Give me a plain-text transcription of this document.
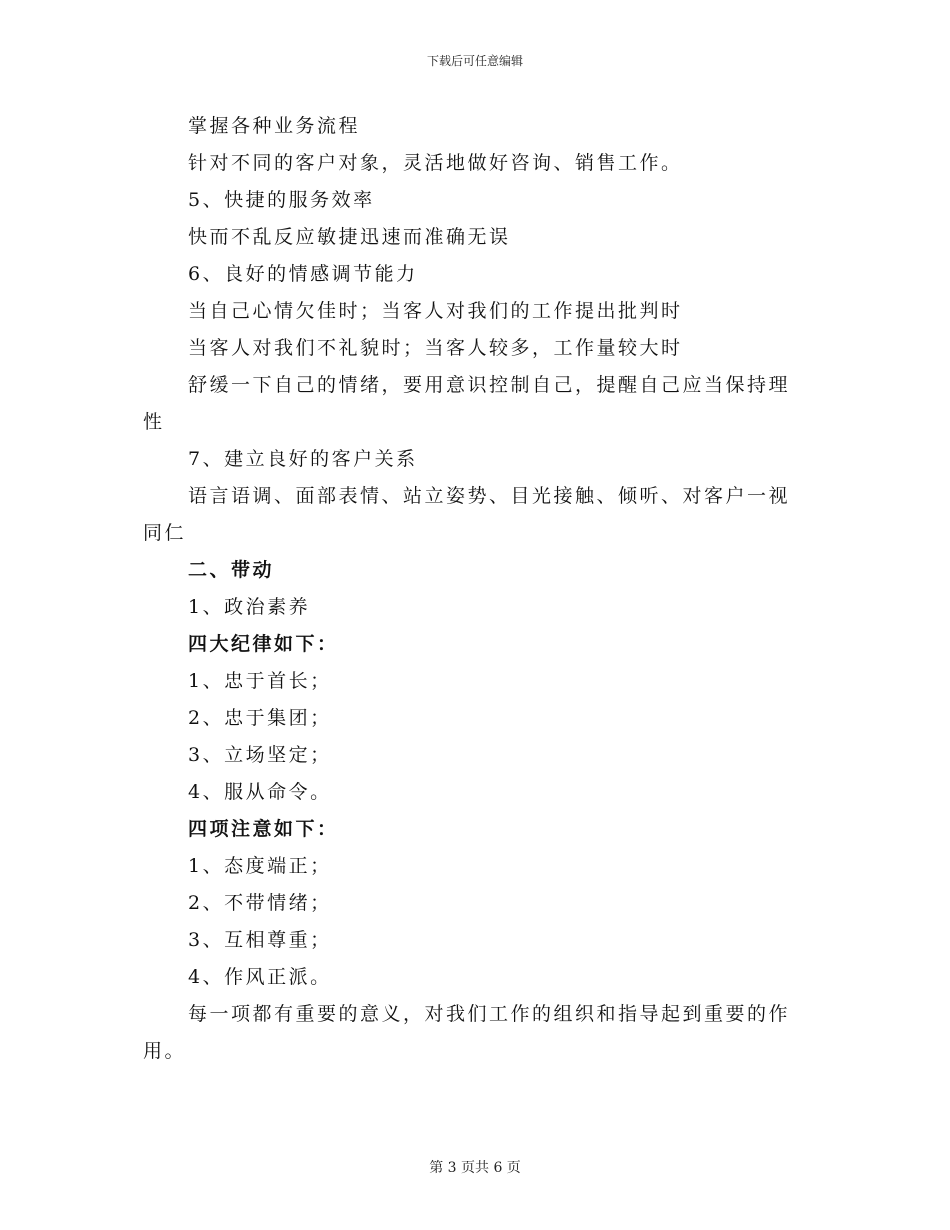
下载后可任意编辑

掌握各种业务流程

针对不同的客户对象，灵活地做好咨询、销售工作。

5、快捷的服务效率

快而不乱反应敏捷迅速而准确无误

6、良好的情感调节能力

当自己心情欠佳时；当客人对我们的工作提出批判时

当客人对我们不礼貌时；当客人较多，工作量较大时

舒缓一下自己的情绪，要用意识控制自己，提醒自己应当保持理性

7、建立良好的客户关系

语言语调、面部表情、站立姿势、目光接触、倾听、对客户一视同仁

二、带动

1、政治素养

四大纪律如下：

1、忠于首长；

2、忠于集团；

3、立场坚定；

4、服从命令。

四项注意如下：

1、态度端正；

2、不带情绪；

3、互相尊重；

4、作风正派。

每一项都有重要的意义，对我们工作的组织和指导起到重要的作用。

第 3 页共 6 页
